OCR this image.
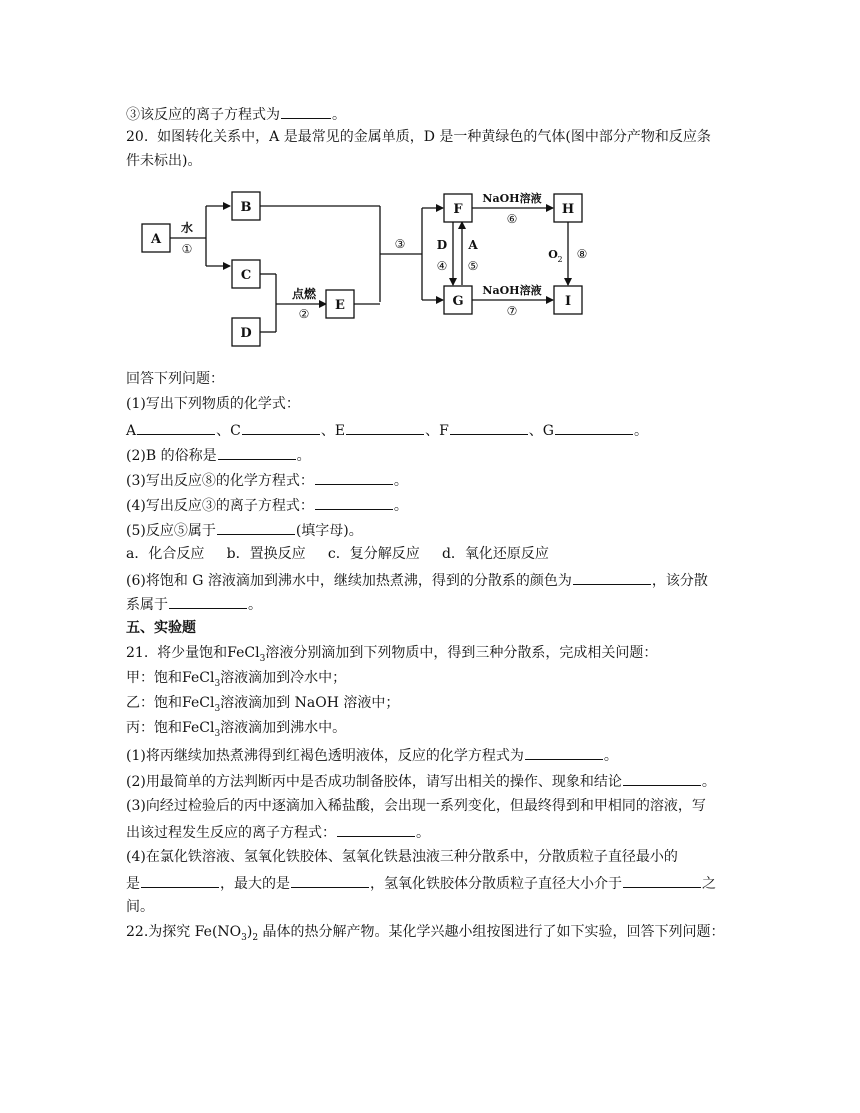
③该反应的离子方程式为	。
20. 如图转化关系中，A 是最常见的金属单质，D 是一种黄绿色的气体(图中部分产物和反应条
件未标出)。
A
B
C
D
E
F
G
H
I
水
①
点燃
②
③
NaOH溶液
⑥
NaOH溶液
⑦
D A
④ ⑤
O 2 ⑧
回答下列问题：
(1)写出下列物质的化学式：
A	、C	、E	、F	、G	。
(2)B 的俗称是	。
(3)写出反应⑧的化学方程式：	。
(4)写出反应③的离子方程式：	。
(5)反应⑤属于	(填字母)。
a．化合反应 b．置换反应 c．复分解反应 d．氧化还原反应
(6)将饱和 G 溶液滴加到沸水中，继续加热煮沸，得到的分散系的颜色为	，该分散
系属于	。
五、实验题
21. 将少量饱和FeCl$_3$溶液分别滴加到下列物质中，得到三种分散系，完成相关问题：
甲：饱和FeCl$_3$溶液滴加到冷水中；
乙：饱和FeCl$_3$溶液滴加到 NaOH 溶液中；
丙：饱和FeCl$_3$溶液滴加到沸水中。
(1)将丙继续加热煮沸得到红褐色透明液体，反应的化学方程式为	。
(2)用最简单的方法判断丙中是否成功制备胶体，请写出相关的操作、现象和结论	。
(3)向经过检验后的丙中逐滴加入稀盐酸，会出现一系列变化，但最终得到和甲相同的溶液，写
出该过程发生反应的离子方程式：	。
(4)在氯化铁溶液、氢氧化铁胶体、氢氧化铁悬浊液三种分散系中，分散质粒子直径最小的
是	，最大的是	，氢氧化铁胶体分散质粒子直径大小介于	之
间。
22.为探究 $Fe(NO_3)_2$ 晶体的热分解产物。某化学兴趣小组按图进行了如下实验，回答下列问题：
